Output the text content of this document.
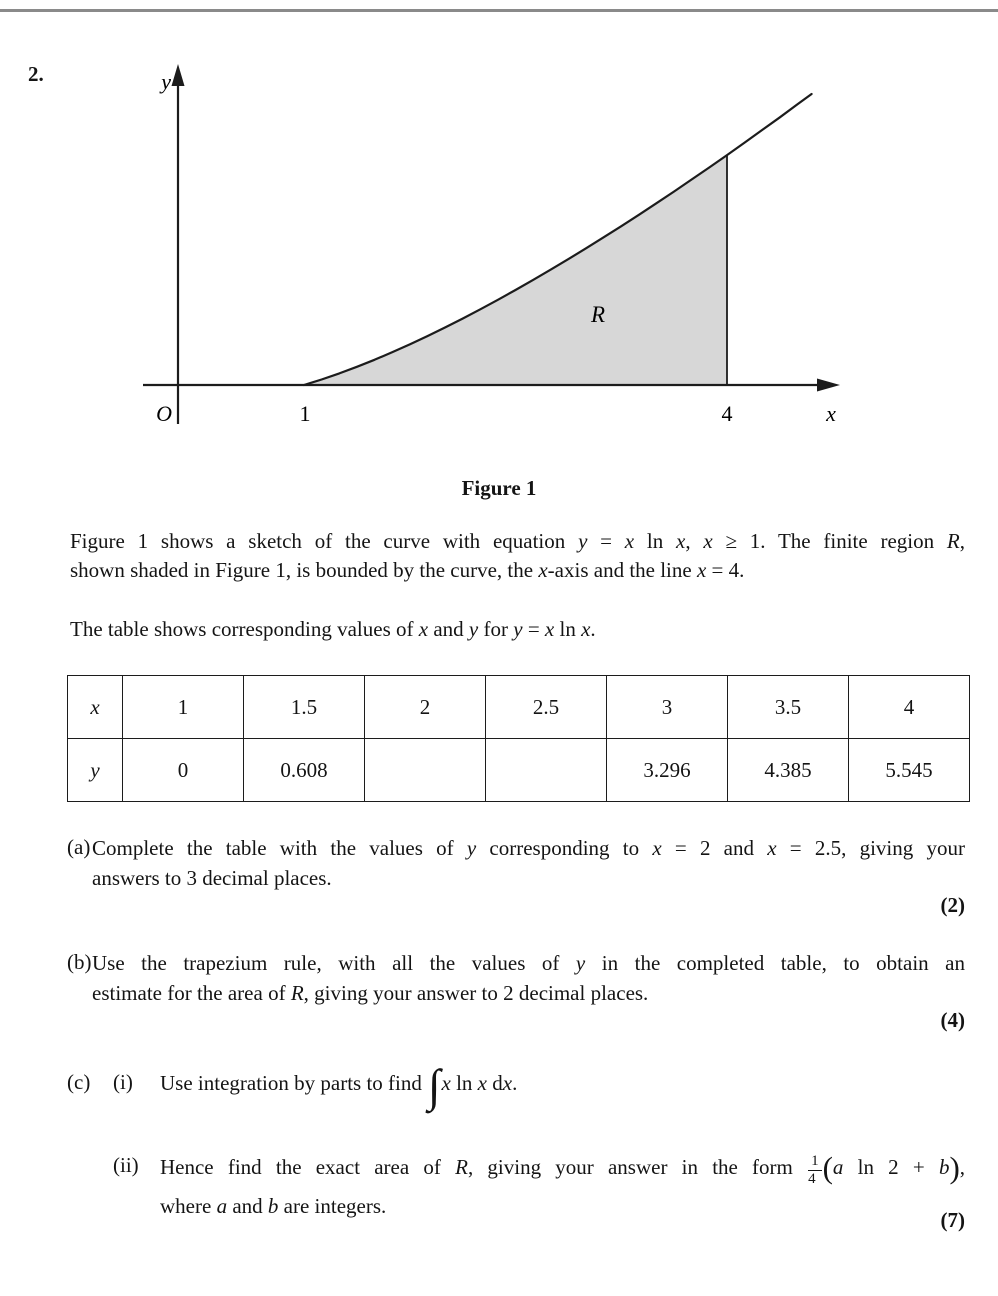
2.	y
O	1	4	x
R
Figure 1
Figure 1 shows a sketch of the curve with equation y = x ln x, x ≥ 1. The finite region R,
shown shaded in Figure 1, is bounded by the curve, the x-axis and the line x = 4.
The table shows corresponding values of x and y for y = x ln x.
x	1	1.5	2	2.5	3	3.5	4
y	0	0.608			3.296	4.385	5.545
(a) Complete the table with the values of y corresponding to x = 2 and x = 2.5, giving your
answers to 3 decimal places.
(2)
(b) Use the trapezium rule, with all the values of y in the completed table, to obtain an
estimate for the area of R, giving your answer to 2 decimal places.
(4)
(c)	(i)	Use integration by parts to find ∫x ln x dx.
(ii)	Hence find the exact area of R, giving your answer in the form $\frac{1}{4} (a$ ln 2 + b),
where a and b are integers.
(7)
